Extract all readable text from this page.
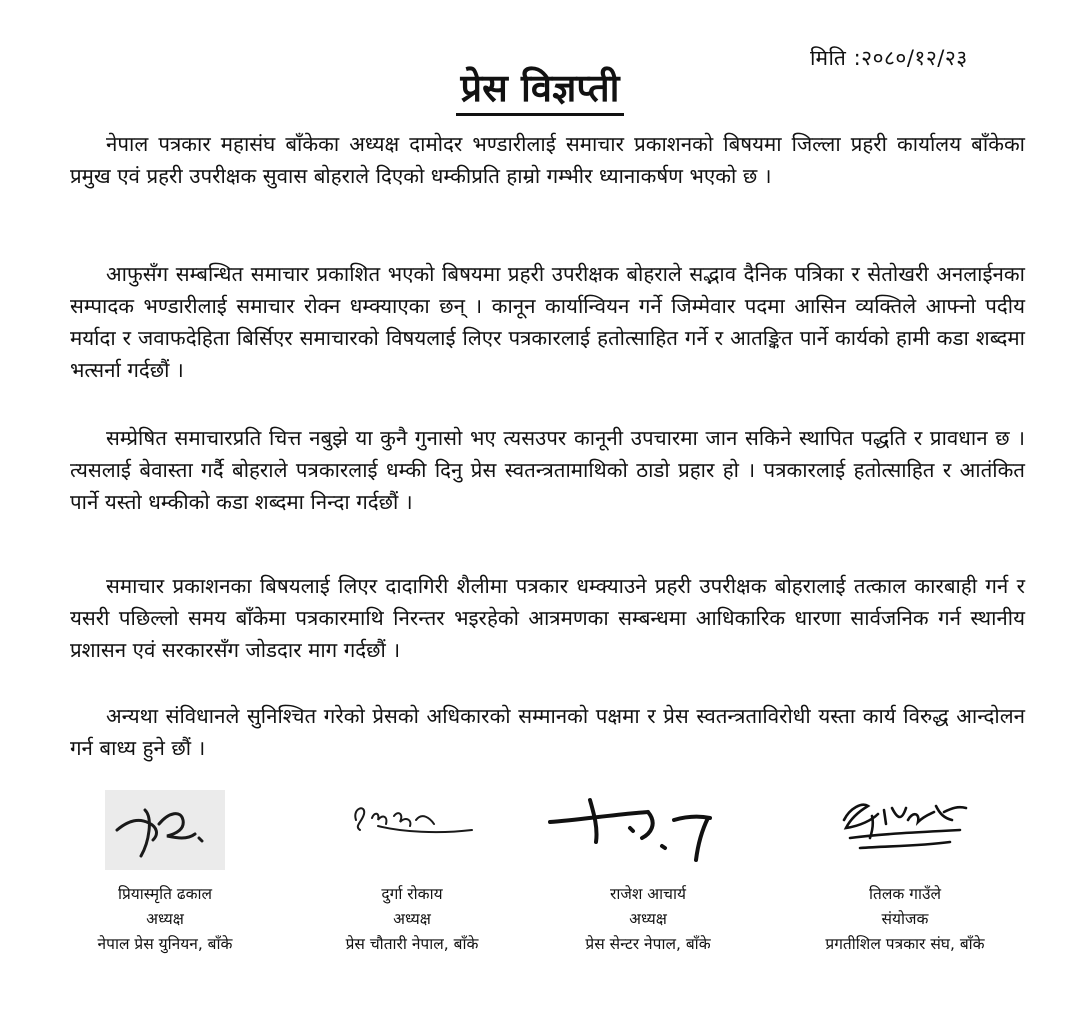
मिति :२०८०/१२/२३
प्रेस विज्ञप्ती

नेपाल पत्रकार महासंघ बाँकेका अध्यक्ष दामोदर भण्डारीलाई समाचार प्रकाशनको बिषयमा जिल्ला प्रहरी कार्यालय बाँकेका प्रमुख एवं प्रहरी उपरीक्षक सुवास बोहराले दिएको धम्कीप्रति हाम्रो गम्भीर ध्यानाकर्षण भएको छ ।

आफुसँग सम्बन्धित समाचार प्रकाशित भएको बिषयमा प्रहरी उपरीक्षक बोहराले सद्भाव दैनिक पत्रिका र सेतोखरी अनलाईनका सम्पादक भण्डारीलाई समाचार रोक्न धम्क्याएका छन् । कानून कार्यान्वियन गर्ने जिम्मेवार पदमा आसिन व्यक्तिले आफ्नो पदीय मर्यादा र जवाफदेहिता बिर्सिएर समाचारको विषयलाई लिएर पत्रकारलाई हतोत्साहित गर्ने र आतङ्कित पार्ने कार्यको हामी कडा शब्दमा भत्सर्ना गर्दछौं ।

सम्प्रेषित समाचारप्रति चित्त नबुझे या कुनै गुनासो भए त्यसउपर कानूनी उपचारमा जान सकिने स्थापित पद्धति र प्रावधान छ । त्यसलाई बेवास्ता गर्दै बोहराले पत्रकारलाई धम्की दिनु प्रेस स्वतन्त्रतामाथिको ठाडो प्रहार हो । पत्रकारलाई हतोत्साहित र आतंकित पार्ने यस्तो धम्कीको कडा शब्दमा निन्दा गर्दछौं ।

समाचार प्रकाशनका बिषयलाई लिएर दादागिरी शैलीमा पत्रकार धम्क्याउने प्रहरी उपरीक्षक बोहरालाई तत्काल कारबाही गर्न र यसरी पछिल्लो समय बाँकेमा पत्रकारमाथि निरन्तर भइरहेको आत्रमणका सम्बन्धमा आधिकारिक धारणा सार्वजनिक गर्न स्थानीय प्रशासन एवं सरकारसँग जोडदार माग गर्दछौं ।

अन्यथा संविधानले सुनिश्चित गरेको प्रेसको अधिकारको सम्मानको पक्षमा र प्रेस स्वतन्त्रताविरोधी यस्ता कार्य विरुद्ध आन्दोलन गर्न बाध्य हुने छौं ।

प्रियास्मृति ढकाल
अध्यक्ष
नेपाल प्रेस युनियन, बाँके
दुर्गा रोकाय
अध्यक्ष
प्रेस चौतारी नेपाल, बाँके
राजेश आचार्य
अध्यक्ष
प्रेस सेन्टर नेपाल, बाँके
तिलक गाउँले
संयोजक
प्रगतीशिल पत्रकार संघ, बाँके
